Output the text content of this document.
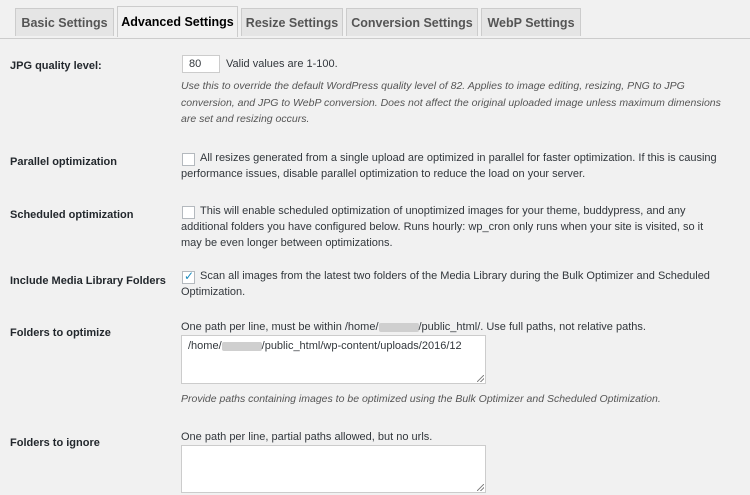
Basic Settings	Advanced Settings Resize Settings	Conversion Settings	WebP Settings
JPG quality level:
80	Valid values are 1-100.
Use this to override the default WordPress quality level of 82. Applies to image editing, resizing, PNG to JPG conversion, and JPG to WebP conversion. Does not affect the original uploaded image unless maximum dimensions are set and resizing occurs.
Parallel optimization	All resizes generated from a single upload are optimized in parallel for faster optimization. If this is causing performance issues, disable parallel optimization to reduce the load on your server.
Scheduled optimization	This will enable scheduled optimization of unoptimized images for your theme, buddypress, and any additional folders you have configured below. Runs hourly: wp_cron only runs when your site is visited, so it may be even longer between optimizations.
Include Media Library Folders ✓ Scan all images from the latest two folders of the Media Library during the Bulk Optimizer and Scheduled Optimization.
Folders to optimize	One path per line, must be within /home/	/public_html/. Use full paths, not relative paths.
/home/	/public_html/wp-content/uploads/2016/12
Provide paths containing images to be optimized using the Bulk Optimizer and Scheduled Optimization.
Folders to ignore	One path per line, partial paths allowed, but no urls.
